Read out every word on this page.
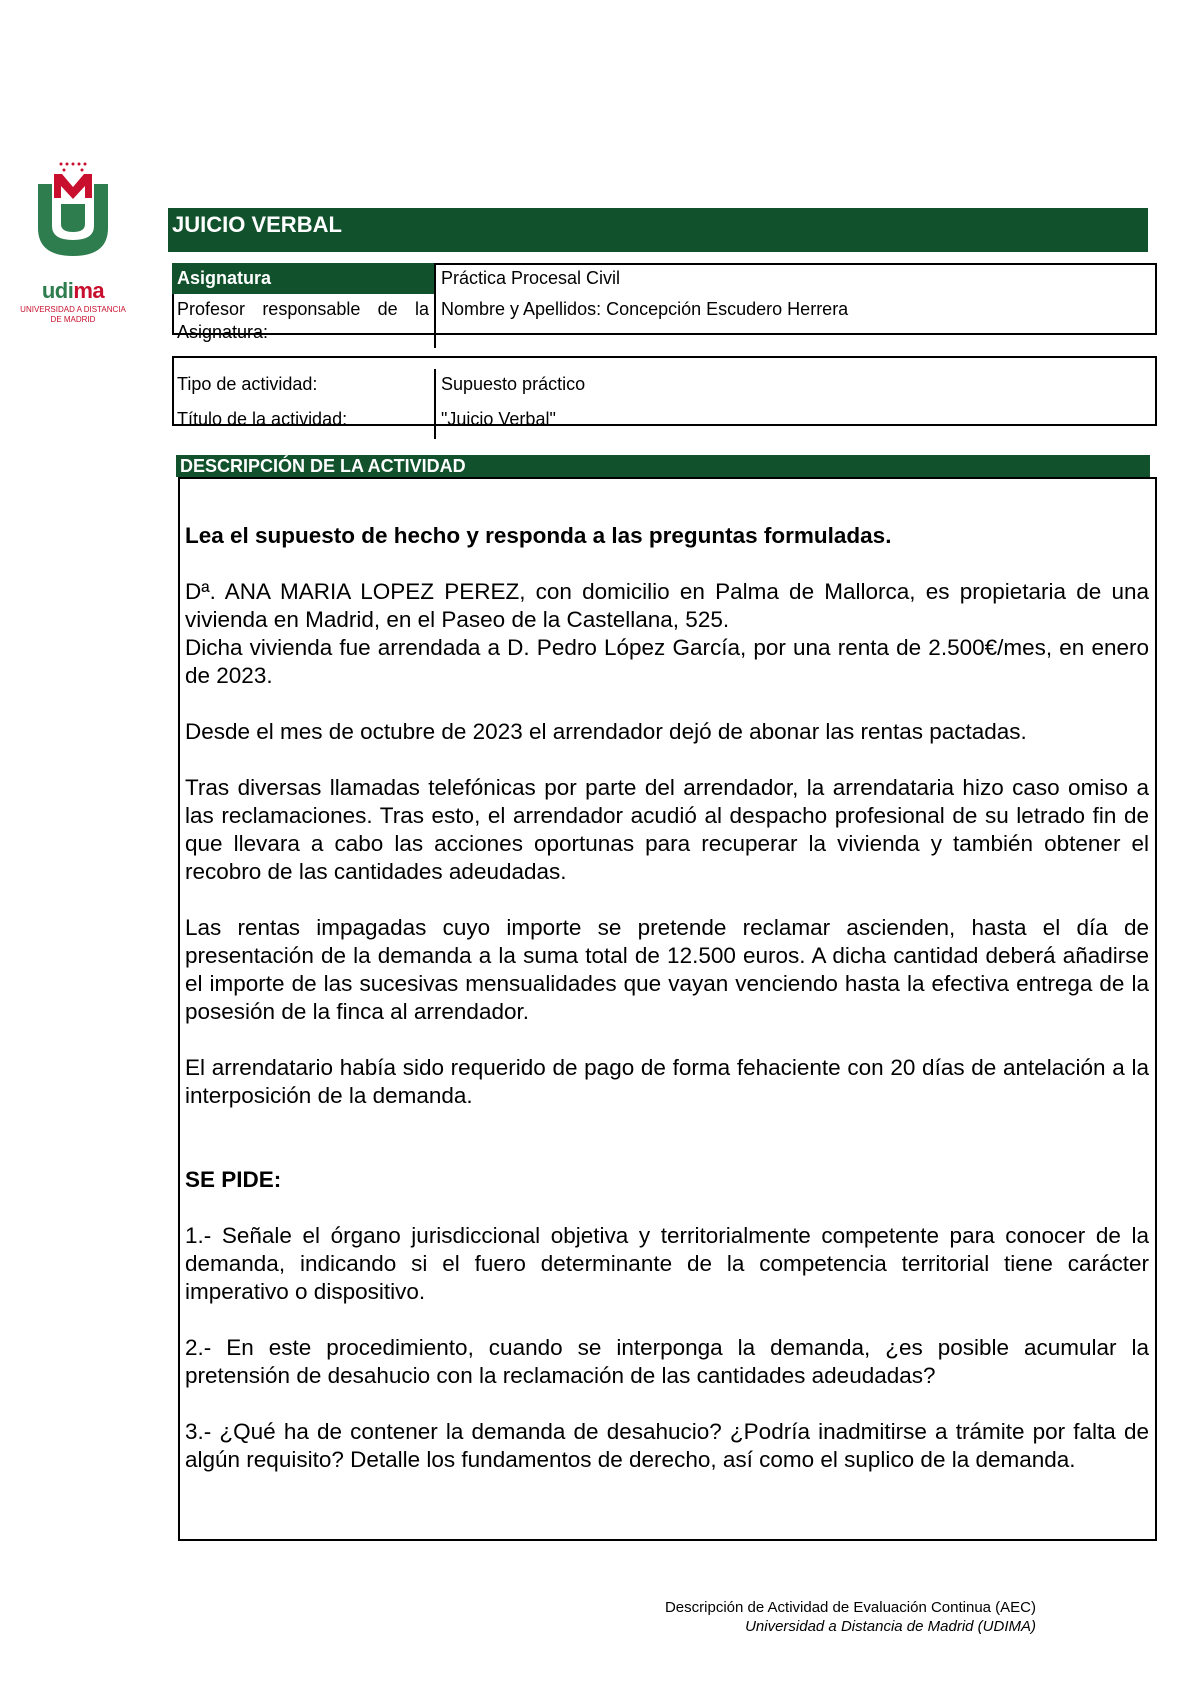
udima
UNIVERSIDAD A DISTANCIA
DE MADRID
JUICIO VERBAL
Asignatura	Práctica Procesal Civil
Profesor responsable de la Asignatura:	Nombre y Apellidos: Concepción Escudero Herrera

Tipo de actividad:	Supuesto práctico
Título de la actividad:	"Juicio Verbal"
DESCRIPCIÓN DE LA ACTIVIDAD

Lea el supuesto de hecho y responda a las preguntas formuladas.

Dª. ANA MARIA LOPEZ PEREZ, con domicilio en Palma de Mallorca, es propietaria de una vivienda en Madrid, en el Paseo de la Castellana, 525.
Dicha vivienda fue arrendada a D. Pedro López García, por una renta de 2.500€/mes, en enero de 2023.

Desde el mes de octubre de 2023 el arrendador dejó de abonar las rentas pactadas.

Tras diversas llamadas telefónicas por parte del arrendador, la arrendataria hizo caso omiso a las reclamaciones. Tras esto, el arrendador acudió al despacho profesional de su letrado fin de que llevara a cabo las acciones oportunas para recuperar la vivienda y también obtener el recobro de las cantidades adeudadas.

Las rentas impagadas cuyo importe se pretende reclamar ascienden, hasta el día de presentación de la demanda a la suma total de 12.500 euros. A dicha cantidad deberá añadirse el importe de las sucesivas mensualidades que vayan venciendo hasta la efectiva entrega de la posesión de la finca al arrendador.

El arrendatario había sido requerido de pago de forma fehaciente con 20 días de antelación a la interposición de la demanda.

SE PIDE:

1.- Señale el órgano jurisdiccional objetiva y territorialmente competente para conocer de la demanda, indicando si el fuero determinante de la competencia territorial tiene carácter imperativo o dispositivo.

2.- En este procedimiento, cuando se interponga la demanda, ¿es posible acumular la pretensión de desahucio con la reclamación de las cantidades adeudadas?

3.- ¿Qué ha de contener la demanda de desahucio? ¿Podría inadmitirse a trámite por falta de algún requisito? Detalle los fundamentos de derecho, así como el suplico de la demanda.

Descripción de Actividad de Evaluación Continua (AEC)
Universidad a Distancia de Madrid (UDIMA)
